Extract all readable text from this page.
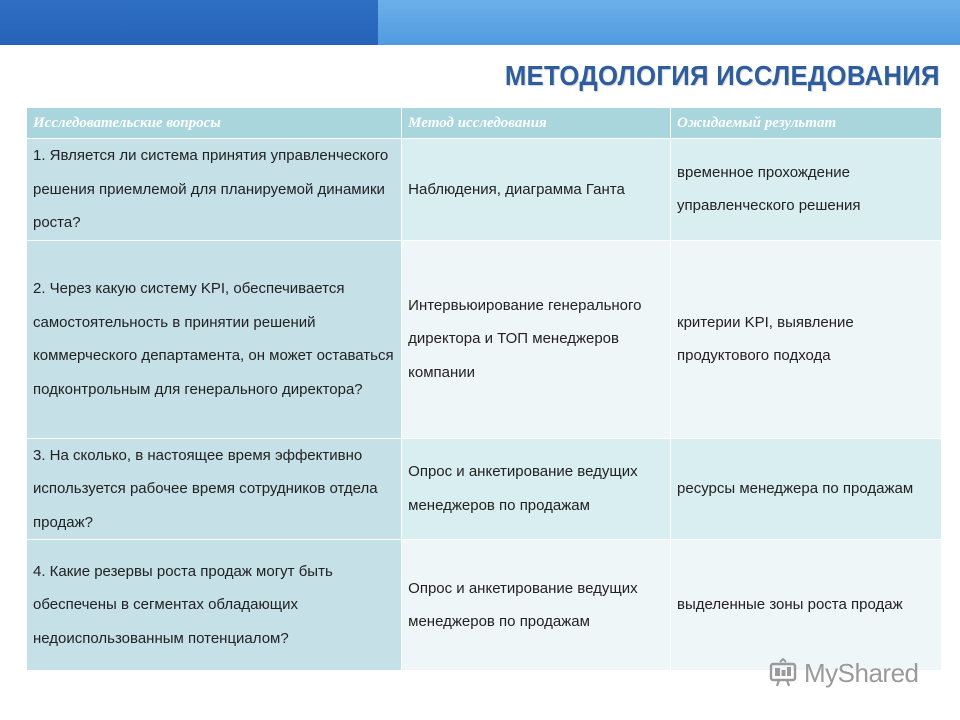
МЕТОДОЛОГИЯ ИССЛЕДОВАНИЯ
Исследовательские вопросы	Метод исследования	Ожидаемый результат

1. Является ли система принятия управленческого решения приемлемой для планируемой динамики роста?	Наблюдения, диаграмма Ганта	временное прохождение управленческого решения

2. Через какую систему KPI, обеспечивается самостоятельность в принятии решений коммерческого департамента, он может оставаться подконтрольным для генерального директора?	Интервьюирование генерального директора и ТОП менеджеров компании	критерии KPI, выявление продуктового подхода

3. На сколько, в настоящее время эффективно используется рабочее время сотрудников отдела продаж?	Опрос и анкетирование ведущих менеджеров по продажам	ресурсы менеджера по продажам

4. Какие резервы роста продаж могут быть обеспечены в сегментах обладающих недоиспользованным потенциалом?	Опрос и анкетирование ведущих менеджеров по продажам	выделенные зоны роста продаж
MyShared
